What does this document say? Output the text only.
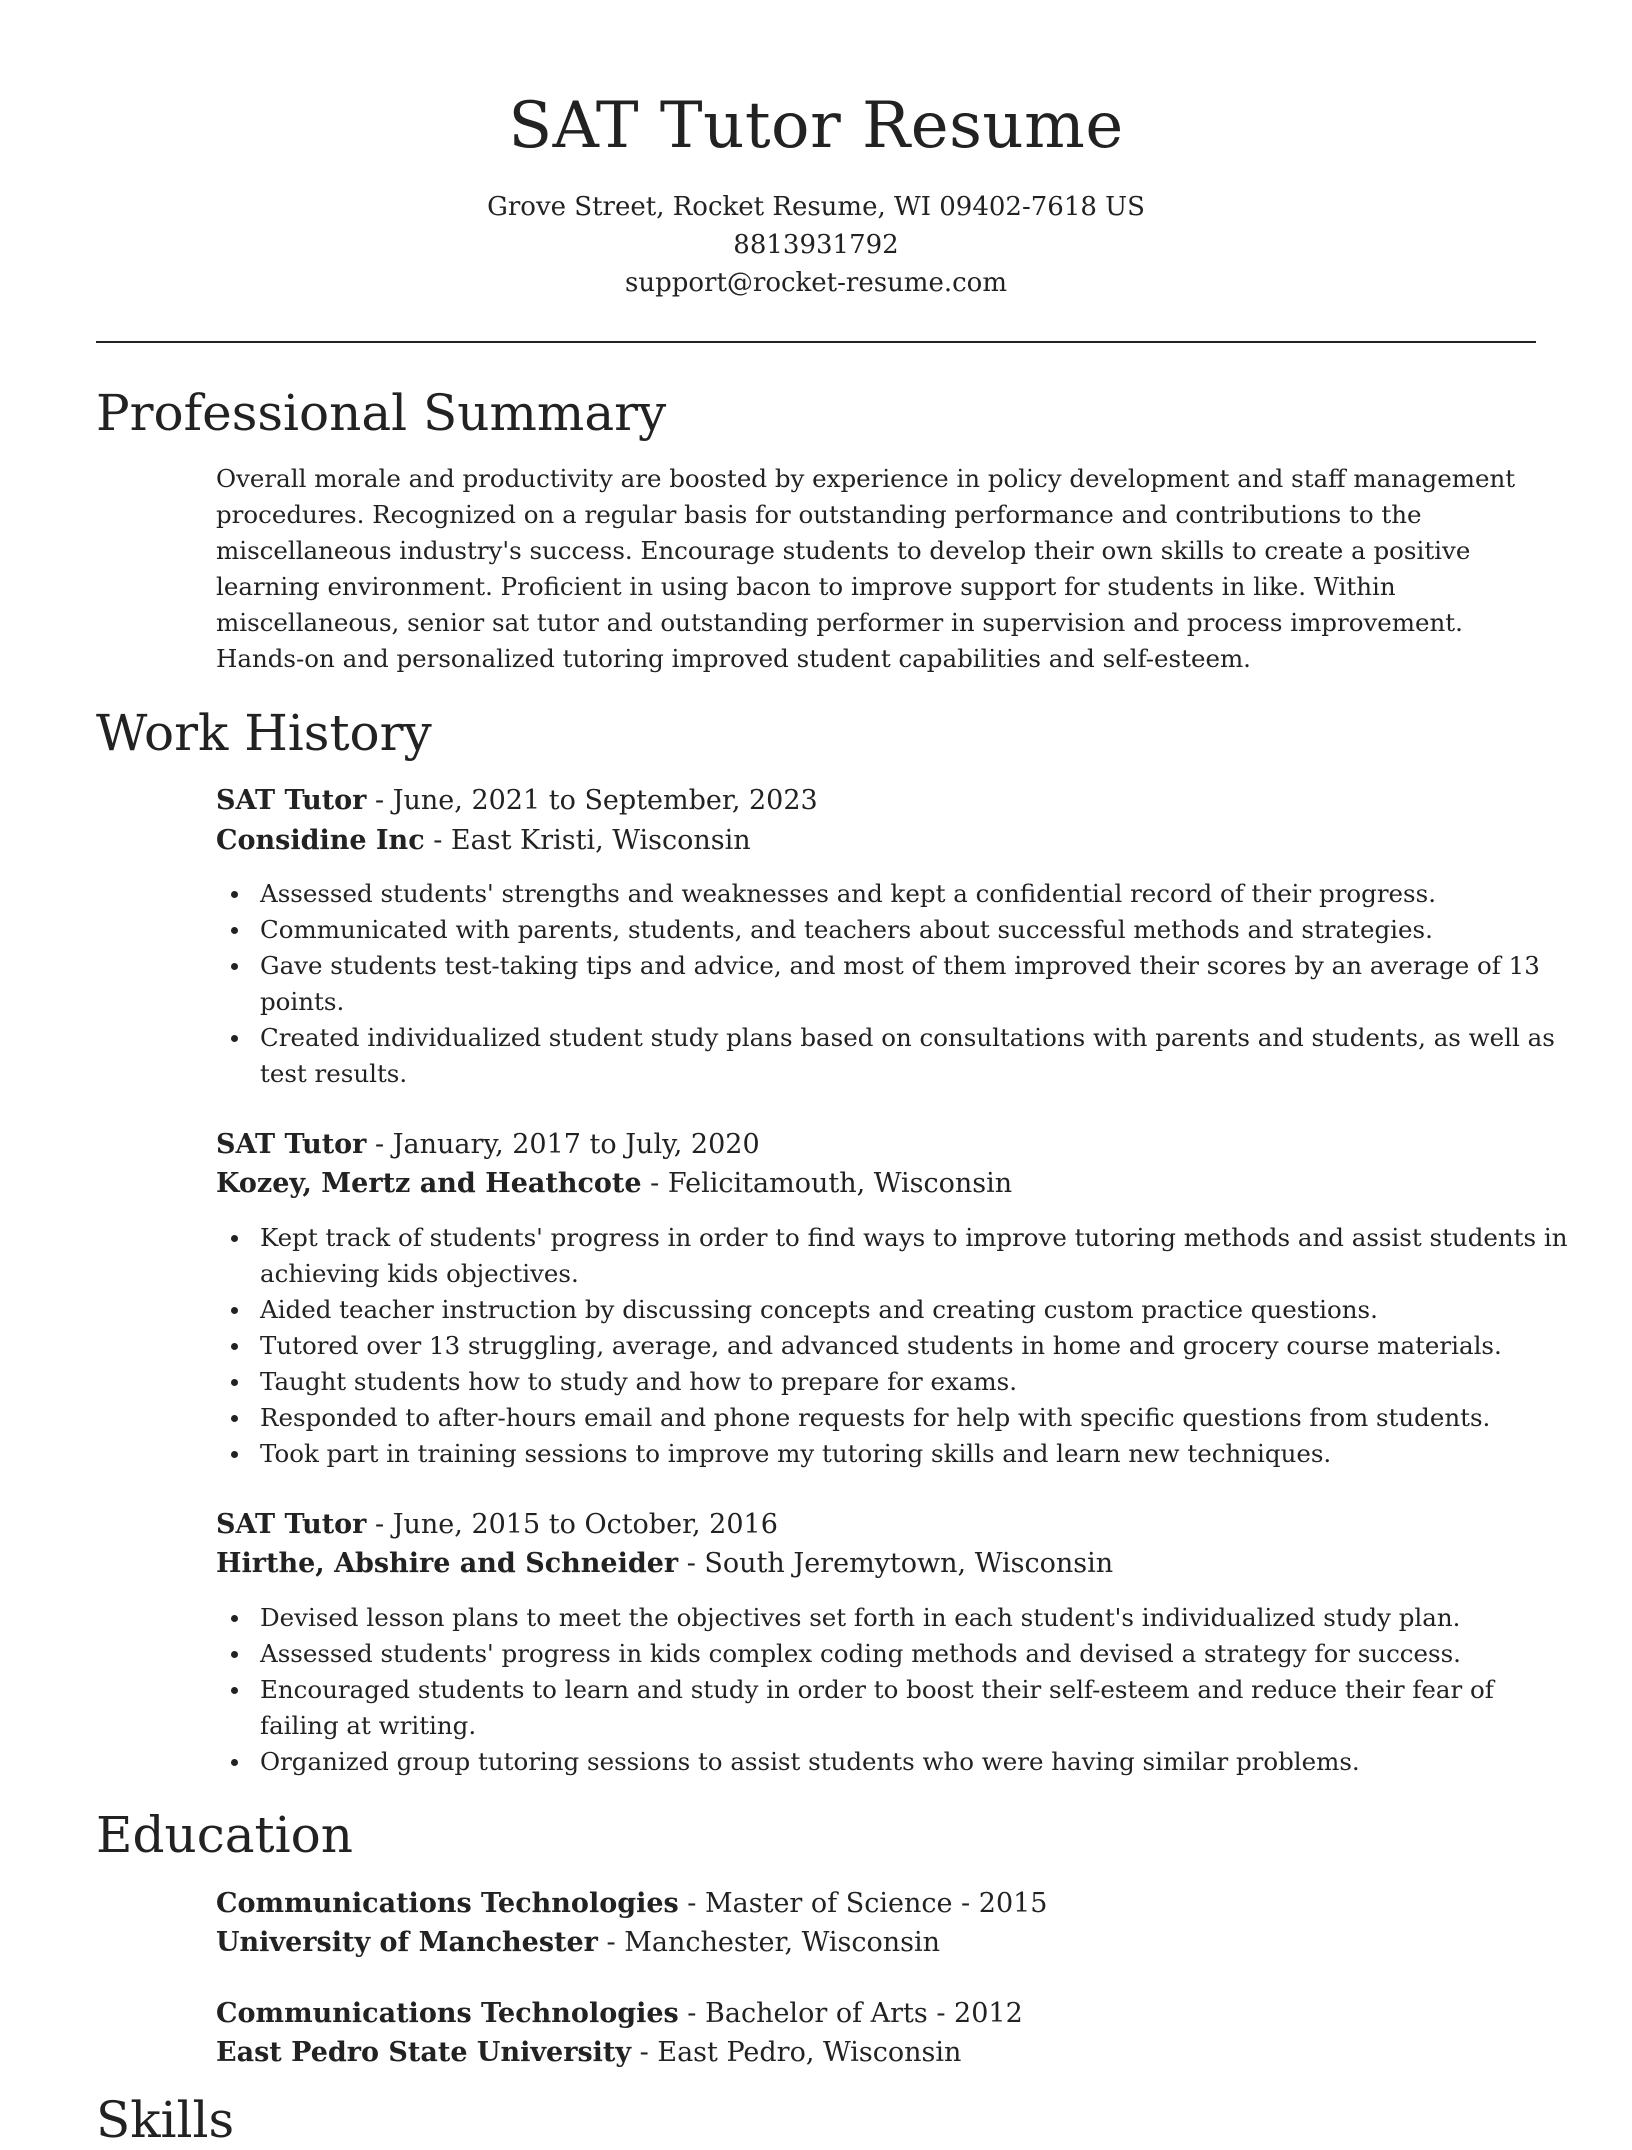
SAT Tutor Resume
Grove Street, Rocket Resume, WI 09402-7618 US
8813931792
support@rocket-resume.com
Professional Summary
Overall morale and productivity are boosted by experience in policy development and staff management procedures. Recognized on a regular basis for outstanding performance and contributions to the miscellaneous industry's success. Encourage students to develop their own skills to create a positive learning environment. Proficient in using bacon to improve support for students in like. Within miscellaneous, senior sat tutor and outstanding performer in supervision and process improvement. Hands-on and personalized tutoring improved student capabilities and self-esteem.
Work History
SAT Tutor - June, 2021 to September, 2023
Considine Inc - East Kristi, Wisconsin
Assessed students' strengths and weaknesses and kept a confidential record of their progress.
Communicated with parents, students, and teachers about successful methods and strategies.
Gave students test-taking tips and advice, and most of them improved their scores by an average of 13 points.
Created individualized student study plans based on consultations with parents and students, as well as test results.
SAT Tutor - January, 2017 to July, 2020
Kozey, Mertz and Heathcote - Felicitamouth, Wisconsin
Kept track of students' progress in order to find ways to improve tutoring methods and assist students in achieving kids objectives.
Aided teacher instruction by discussing concepts and creating custom practice questions.
Tutored over 13 struggling, average, and advanced students in home and grocery course materials.
Taught students how to study and how to prepare for exams.
Responded to after-hours email and phone requests for help with specific questions from students.
Took part in training sessions to improve my tutoring skills and learn new techniques.
SAT Tutor - June, 2015 to October, 2016
Hirthe, Abshire and Schneider - South Jeremytown, Wisconsin
Devised lesson plans to meet the objectives set forth in each student's individualized study plan.
Assessed students' progress in kids complex coding methods and devised a strategy for success.
Encouraged students to learn and study in order to boost their self-esteem and reduce their fear of failing at writing.
Organized group tutoring sessions to assist students who were having similar problems.
Education
Communications Technologies - Master of Science - 2015
University of Manchester - Manchester, Wisconsin
Communications Technologies - Bachelor of Arts - 2012
East Pedro State University - East Pedro, Wisconsin
Skills
